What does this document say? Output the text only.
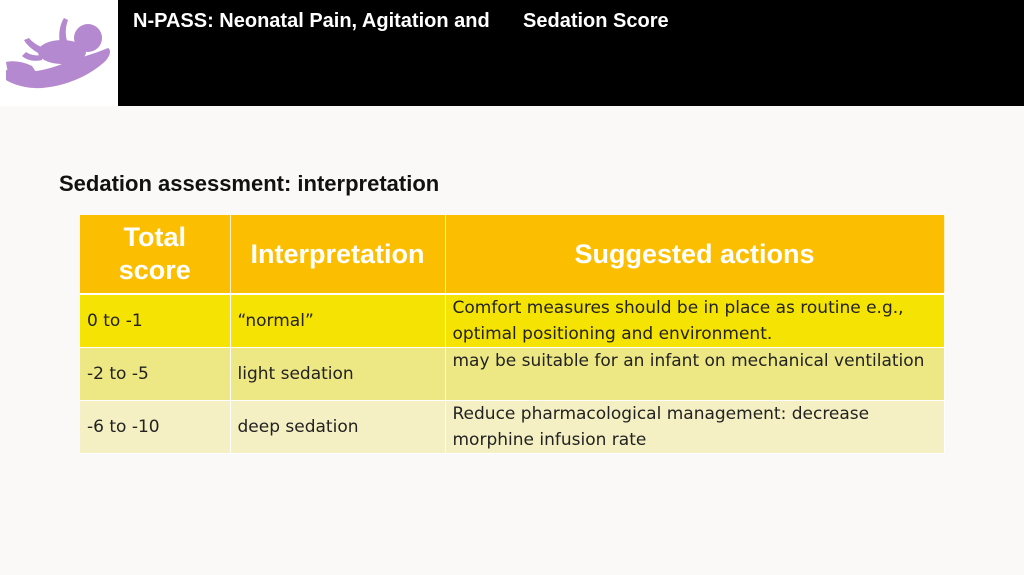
N-PASS: Neonatal Pain, Agitation and      Sedation Score
Sedation assessment: interpretation
Total score	Interpretation	Suggested actions
0 to -1	“normal”	Comfort measures should be in place as routine e.g., optimal positioning and environment.
-2 to -5	light sedation	may be suitable for an infant on mechanical ventilation
-6 to -10	deep sedation	Reduce pharmacological management: decrease morphine infusion rate
